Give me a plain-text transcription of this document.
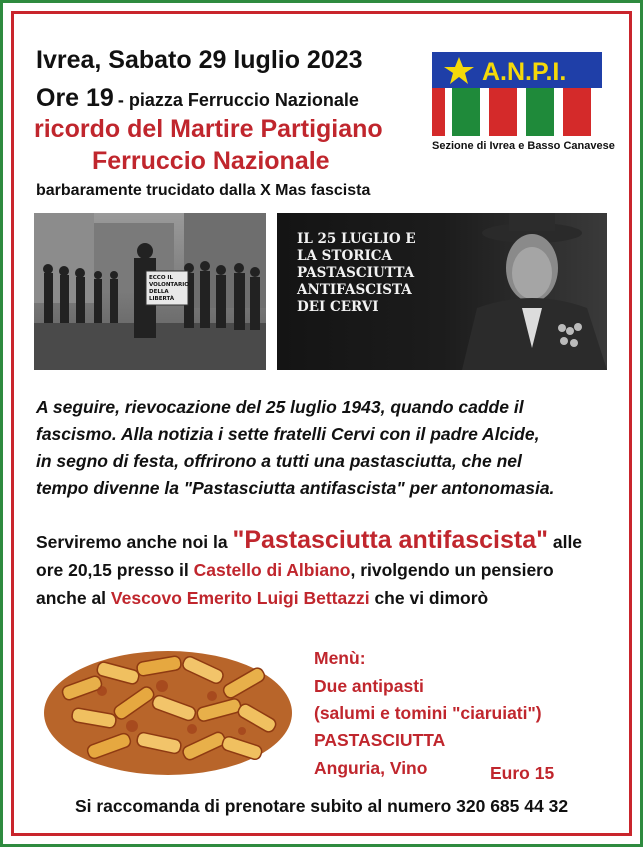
Ivrea, Sabato 29 luglio 2023
Ore 19 - piazza Ferruccio Nazionale
ricordo del Martire Partigiano
Ferruccio Nazionale
barbaramente trucidato dalla X Mas fascista
A.N.P.I.
Sezione di Ivrea e Basso Canavese
ECCO IL
VOLONTARIO
DELLA
LIBERTÀ
IL 25 LUGLIO E
LA STORICA
PASTASCIUTTA
ANTIFASCISTA
DEI CERVI
A seguire, rievocazione del 25 luglio 1943, quando cadde il
fascismo. Alla notizia i sette fratelli Cervi con il padre Alcide,
in segno di festa, offrirono a tutti una pastasciutta, che nel
tempo divenne la "Pastasciutta antifascista" per antonomasia.
Serviremo anche noi la "Pastasciutta antifascista" alle
ore 20,15 presso il Castello di Albiano, rivolgendo un pensiero
anche al Vescovo Emerito Luigi Bettazzi che vi dimorò
Menù:
Due antipasti
(salumi e tomini "ciaruiati")
PASTASCIUTTA
Anguria, Vino	Euro 15
Si raccomanda di prenotare subito al numero 320 685 44 32
